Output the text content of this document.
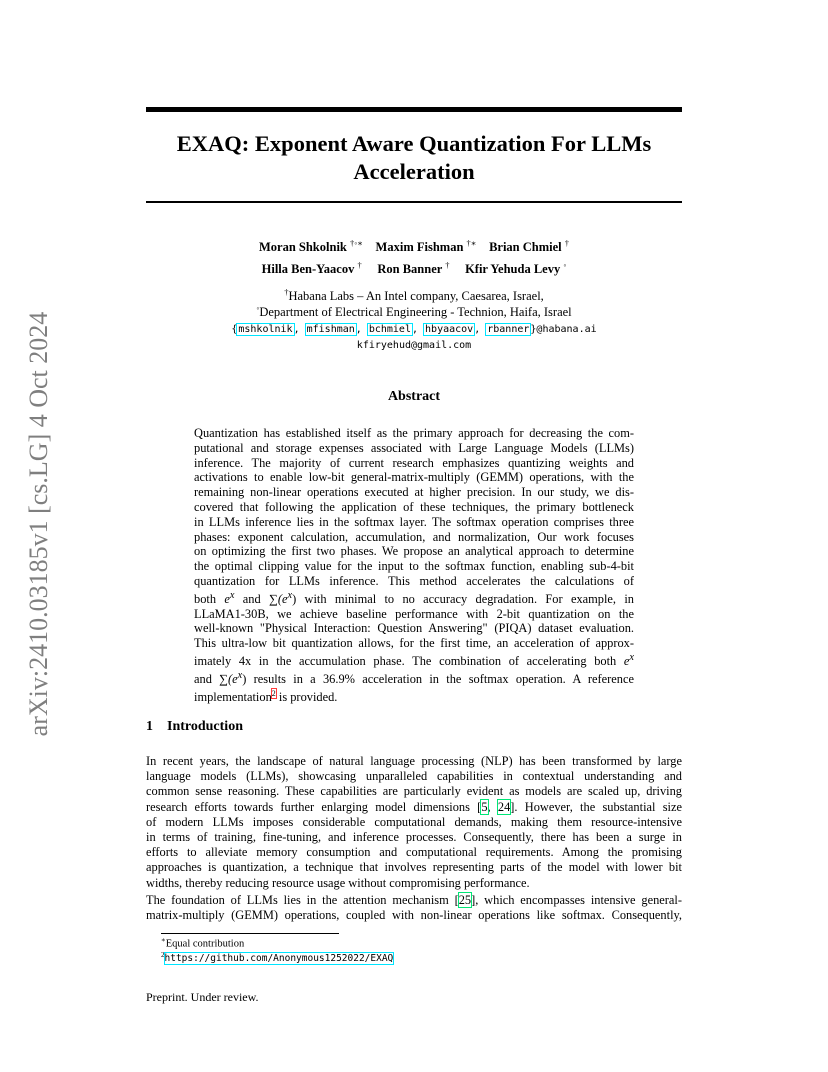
arXiv:2410.03185v1 [cs.LG] 4 Oct 2024
EXAQ: Exponent Aware Quantization For LLMs
Acceleration
Moran Shkolnik †◦∗ Maxim Fishman †∗ Brian Chmiel †
Hilla Ben-Yaacov † Ron Banner † Kfir Yehuda Levy ◦
†Habana Labs – An Intel company, Caesarea, Israel,
◦Department of Electrical Engineering - Technion, Haifa, Israel
{mshkolnik, mfishman, bchmiel, hbyaacov, rbanner}@habana.ai
kfiryehud@gmail.com
Abstract
Quantization has established itself as the primary approach for decreasing the com-
putational and storage expenses associated with Large Language Models (LLMs)
inference. The majority of current research emphasizes quantizing weights and
activations to enable low-bit general-matrix-multiply (GEMM) operations, with the
remaining non-linear operations executed at higher precision. In our study, we dis-
covered that following the application of these techniques, the primary bottleneck
in LLMs inference lies in the softmax layer. The softmax operation comprises three
phases: exponent calculation, accumulation, and normalization, Our work focuses
on optimizing the first two phases. We propose an analytical approach to determine
the optimal clipping value for the input to the softmax function, enabling sub-4-bit
quantization for LLMs inference. This method accelerates the calculations of
both $e^x$ and $\sum(e^x)$ with minimal to no accuracy degradation. For example, in
LLaMA1-30B, we achieve baseline performance with 2-bit quantization on the
well-known "Physical Interaction: Question Answering" (PIQA) dataset evaluation.
This ultra-low bit quantization allows, for the first time, an acceleration of approx-
imately 4x in the accumulation phase. The combination of accelerating both $e^x$
and $\sum(e^x)$ results in a 36.9% acceleration in the softmax operation. A reference
implementation$^2$ is provided.
1 Introduction
In recent years, the landscape of natural language processing (NLP) has been transformed by large
language models (LLMs), showcasing unparalleled capabilities in contextual understanding and
common sense reasoning. These capabilities are particularly evident as models are scaled up, driving
research efforts towards further enlarging model dimensions [5, 24]. However, the substantial size
of modern LLMs imposes considerable computational demands, making them resource-intensive
in terms of training, fine-tuning, and inference processes. Consequently, there has been a surge in
efforts to alleviate memory consumption and computational requirements. Among the promising
approaches is quantization, a technique that involves representing parts of the model with lower bit
widths, thereby reducing resource usage without compromising performance.
The foundation of LLMs lies in the attention mechanism [25], which encompasses intensive general-
matrix-multiply (GEMM) operations, coupled with non-linear operations like softmax. Consequently,
∗Equal contribution
$^2$https://github.com/Anonymous1252022/EXAQ
Preprint. Under review.
